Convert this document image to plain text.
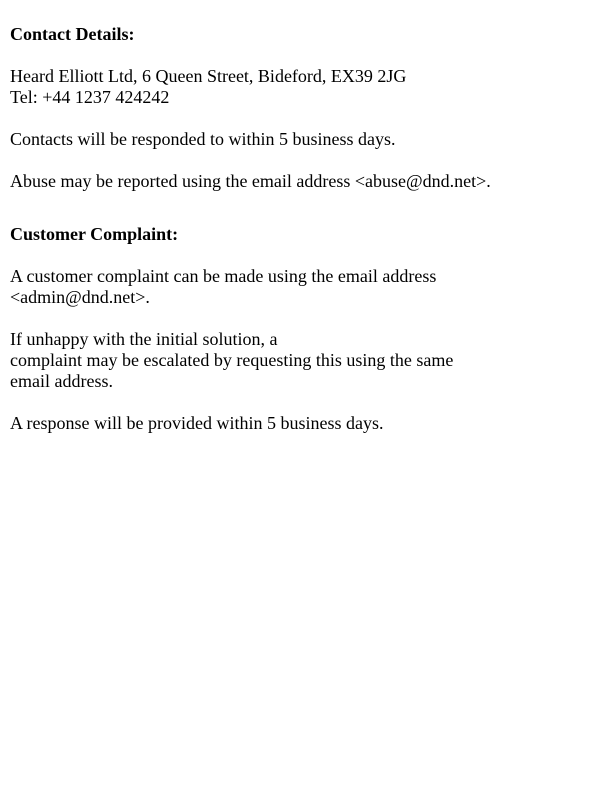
Contact Details:

Heard Elliott Ltd, 6 Queen Street, Bideford, EX39 2JG
Tel: +44 1237 424242

Contacts will be responded to within 5 business days.

Abuse may be reported using the email address <abuse@dnd.net>.

Customer Complaint:

A customer complaint can be made using the email address
<admin@dnd.net>.

If unhappy with the initial solution, a
complaint may be escalated by requesting this using the same
email address.

A response will be provided within 5 business days.
